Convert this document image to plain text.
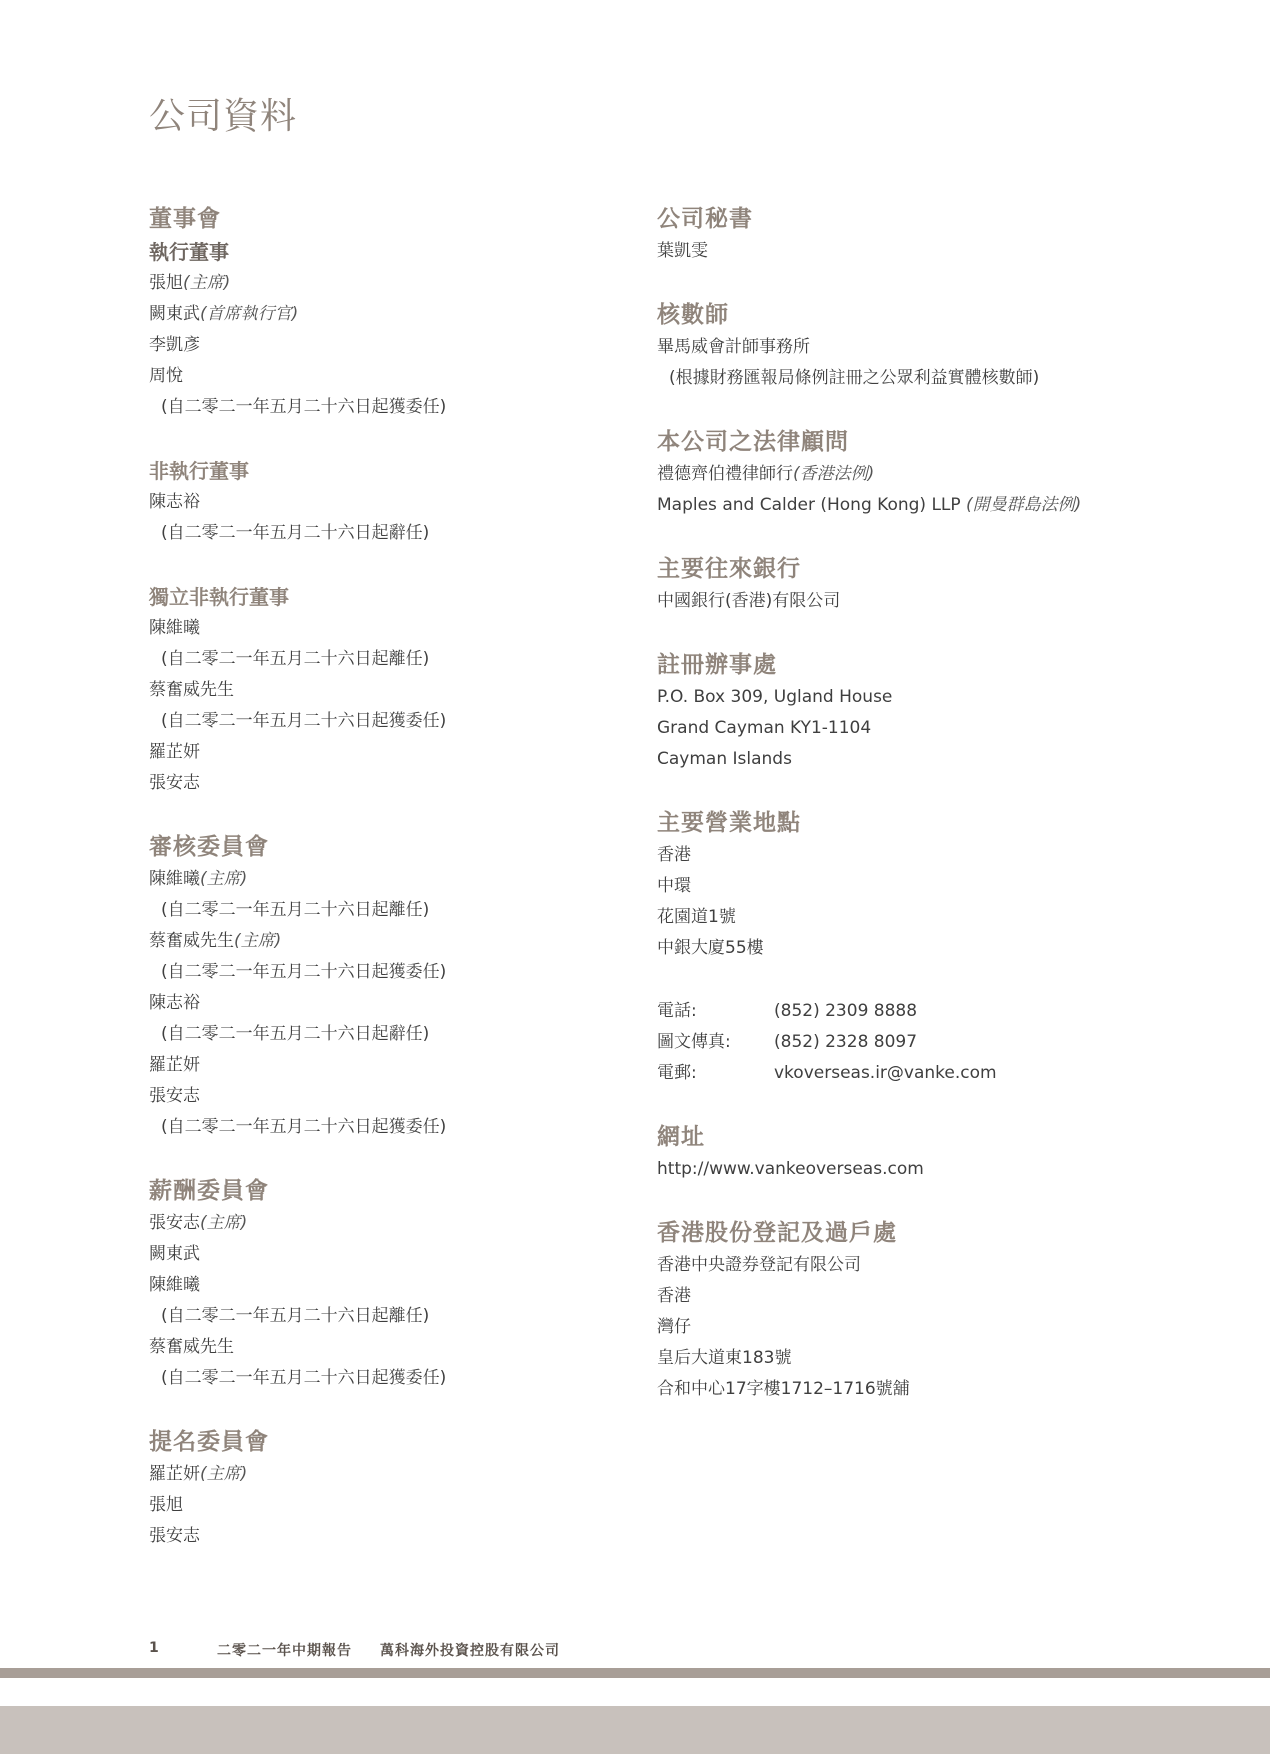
公司資料
董事會
執行董事
張旭(主席)
闕東武(首席執行官)
李凱彥
周悅
(自二零二一年五月二十六日起獲委任)
非執行董事
陳志裕
(自二零二一年五月二十六日起辭任)
獨立非執行董事
陳維曦
(自二零二一年五月二十六日起離任)
蔡奮威先生
(自二零二一年五月二十六日起獲委任)
羅芷妍
張安志
審核委員會
陳維曦(主席)
(自二零二一年五月二十六日起離任)
蔡奮威先生(主席)
(自二零二一年五月二十六日起獲委任)
陳志裕
(自二零二一年五月二十六日起辭任)
羅芷妍
張安志
(自二零二一年五月二十六日起獲委任)
薪酬委員會
張安志(主席)
闕東武
陳維曦
(自二零二一年五月二十六日起離任)
蔡奮威先生
(自二零二一年五月二十六日起獲委任)
提名委員會
羅芷妍(主席)
張旭
張安志
公司秘書
葉凱雯
核數師
畢馬威會計師事務所
(根據財務匯報局條例註冊之公眾利益實體核數師)
本公司之法律顧問
禮德齊伯禮律師行(香港法例)
Maples and Calder (Hong Kong) LLP (開曼群島法例)
主要往來銀行
中國銀行(香港)有限公司
註冊辦事處
P.O. Box 309, Ugland House
Grand Cayman KY1-1104
Cayman Islands
主要營業地點
香港
中環
花園道1號
中銀大廈55樓
電話:	(852) 2309 8888
圖文傳真:	(852) 2328 8097
電郵:	vkoverseas.ir@vanke.com
網址
http://www.vankeoverseas.com
香港股份登記及過戶處
香港中央證券登記有限公司
香港
灣仔
皇后大道東183號
合和中心17字樓1712–1716號舖
1	二零二一年中期報告 萬科海外投資控股有限公司
